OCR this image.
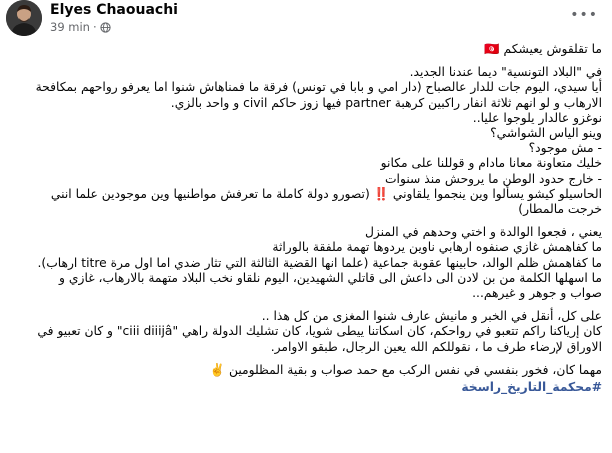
Elyes Chaouachi
39 min ·
•••

ما تقلقوش يعيشكم 🇹🇳

في "البلاد التونسية" ديما عندنا الجديد.
أيا سيدي، اليوم جات للدار عالصباح (دار امي و بابا في تونس) فرقة ما فمناهاش شنوا اما يعرفو رواحهم بمكافحة
الارهاب و لو انهم ثلاثة انفار راكبين كرهبة partner فيها زوز حاكم civil و واحد بالزي.
نوغزو عالدار يلوجوا عليا..
وينو الياس الشواشي؟
- مش موجود؟
خليك متعاونة معانا مادام و قوللنا على مكانو
- خارج حدود الوطن ما يروحش منذ سنوات
الحاسيلو كيشو يسألوا وين ينجموا يلقاوني ‼️ (تصورو دولة كاملة ما تعرفش مواطنيها وين موجودين علما انني
خرجت مالمطار)

يعني ، فجعوا الوالدة و اختي وحدهم في المنزل
ما كفاهمش غازي صنفوه ارهابي ناوين يردوها تهمة ملفقة بالوراثة
ما كفاهمش ظلم الوالد، حابينها عقوبة جماعية (علما انها القضية الثالثة التي تثار ضدي اما اول مرة titre ارهاب).
ما اسهلها الكلمة من بن لادن الى داعش الى قاتلي الشهيدين، اليوم نلقاو نخب البلاد متهمة بالارهاب، غازي و
صواب و جوهر و غيرهم...

على كل، أنقل في الخبر و مانيش عارف شنوا المغزى من كل هذا ..
كان إرياكنا راكم تتعبو في رواحكم، كان اسكاتنا ييطى شويا، كان تشليك الدولة راهي "ciii diiijâ" و كان تعبيو في
الاوراق لإرضاء طرف ما ، نقوللكم الله يعين الرجال، طبقو الاوامر.

مهما كان، فخور بنفسي في نفس الركب مع حمد صواب و بقية المظلومين ✌️

#محكمة_التاريخ_راسخة
